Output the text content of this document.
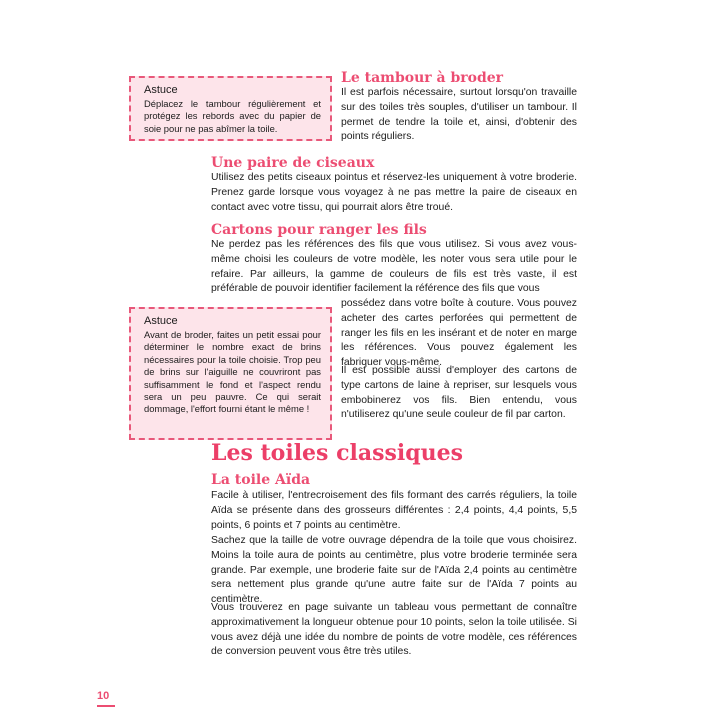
Astuce
Déplacez le tambour régulièrement et protégez les rebords avec du papier de soie pour ne pas abîmer la toile.
Le tambour à broder
Il est parfois nécessaire, surtout lorsqu'on travaille sur des toiles très souples, d'utiliser un tambour. Il permet de tendre la toile et, ainsi, d'obtenir des points réguliers.
Une paire de ciseaux
Utilisez des petits ciseaux pointus et réservez-les uniquement à votre broderie. Prenez garde lorsque vous voyagez à ne pas mettre la paire de ciseaux en contact avec votre tissu, qui pourrait alors être troué.
Cartons pour ranger les fils
Ne perdez pas les références des fils que vous utilisez. Si vous avez vous-même choisi les couleurs de votre modèle, les noter vous sera utile pour le refaire. Par ailleurs, la gamme de couleurs de fils est très vaste, il est préférable de pouvoir identifier facilement la référence des fils que vous
possédez dans votre boîte à couture. Vous pouvez acheter des cartes perforées qui permettent de ranger les fils en les insérant et de noter en marge les références. Vous pouvez également les fabriquer vous-même.
Il est possible aussi d'employer des cartons de type cartons de laine à repriser, sur lesquels vous embobinerez vos fils. Bien entendu, vous n'utiliserez qu'une seule couleur de fil par carton.
Astuce
Avant de broder, faites un petit essai pour déterminer le nombre exact de brins nécessaires pour la toile choisie. Trop peu de brins sur l'aiguille ne couvriront pas suffisamment le fond et l'aspect rendu sera un peu pauvre. Ce qui serait dommage, l'effort fourni étant le même !
Les toiles classiques
La toile Aïda
Facile à utiliser, l'entrecroisement des fils formant des carrés réguliers, la toile Aïda se présente dans des grosseurs différentes : 2,4 points, 4,4 points, 5,5 points, 6 points et 7 points au centimètre.
Sachez que la taille de votre ouvrage dépendra de la toile que vous choisirez. Moins la toile aura de points au centimètre, plus votre broderie terminée sera grande. Par exemple, une broderie faite sur de l'Aïda 2,4 points au centimètre sera nettement plus grande qu'une autre faite sur de l'Aïda 7 points au centimètre.
Vous trouverez en page suivante un tableau vous permettant de connaître approximativement la longueur obtenue pour 10 points, selon la toile utilisée. Si vous avez déjà une idée du nombre de points de votre modèle, ces références de conversion peuvent vous être très utiles.
10
